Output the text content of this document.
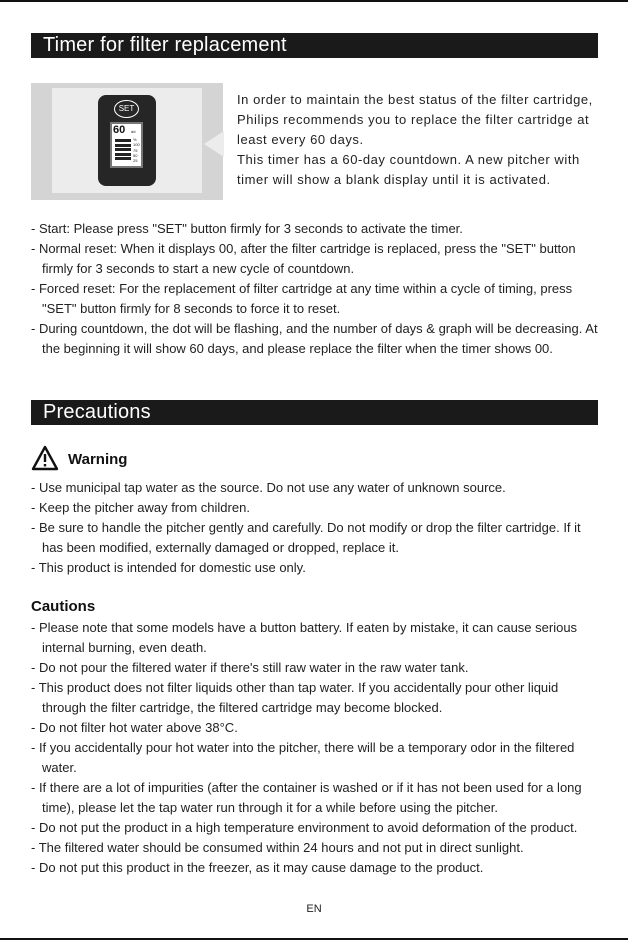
Timer for filter replacement
SET
60 dd
%
100
75
50
25

In order to maintain the best status of the filter cartridge, Philips recommends you to replace the filter cartridge at least every 60 days.

This timer has a 60-day countdown. A new pitcher with timer will show a blank display until it is activated.

- Start: Please press "SET" button firmly for 3 seconds to activate the timer.
- Normal reset: When it displays 00, after the filter cartridge is replaced, press the "SET" button firmly for 3 seconds to start a new cycle of countdown.
- Forced reset: For the replacement of filter cartridge at any time within a cycle of timing, press "SET" button firmly for 8 seconds to force it to reset.
- During countdown, the dot will be flashing, and the number of days & graph will be decreasing. At the beginning it will show 60 days, and please replace the filter when the timer shows 00.
Precautions
Warning
- Use municipal tap water as the source. Do not use any water of unknown source.
- Keep the pitcher away from children.
- Be sure to handle the pitcher gently and carefully. Do not modify or drop the filter cartridge. If it has been modified, externally damaged or dropped, replace it.
- This product is intended for domestic use only.
Cautions
- Please note that some models have a button battery. If eaten by mistake, it can cause serious internal burning, even death.
- Do not pour the filtered water if there's still raw water in the raw water tank.
- This product does not filter liquids other than tap water. If you accidentally pour other liquid through the filter cartridge, the filtered cartridge may become blocked.
- Do not filter hot water above 38°C.
- If you accidentally pour hot water into the pitcher, there will be a temporary odor in the filtered water.
- If there are a lot of impurities (after the container is washed or if it has not been used for a long time), please let the tap water run through it for a while before using the pitcher.
- Do not put the product in a high temperature environment to avoid deformation of the product.
- The filtered water should be consumed within 24 hours and not put in direct sunlight.
- Do not put this product in the freezer, as it may cause damage to the product.
EN
